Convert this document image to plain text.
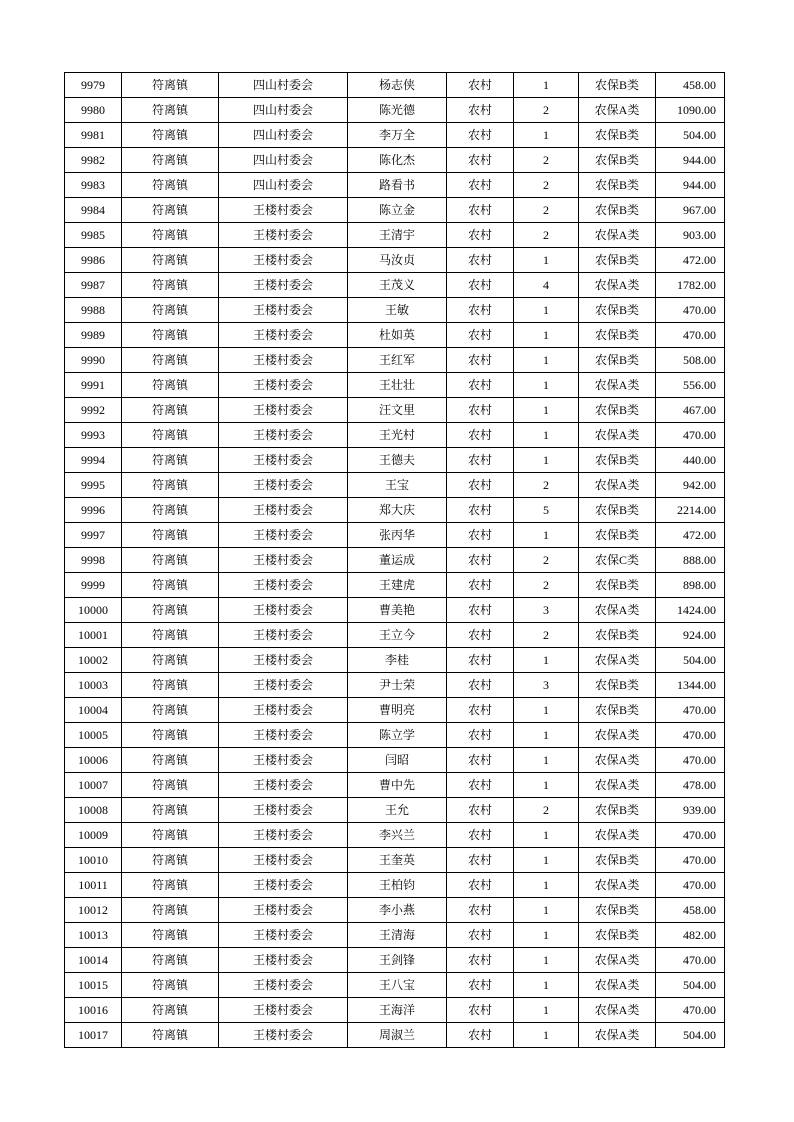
9979	符离镇	四山村委会	杨志侠	农村	1	农保B类	458.00
9980	符离镇	四山村委会	陈光德	农村	2	农保A类	1090.00
9981	符离镇	四山村委会	李万全	农村	1	农保B类	504.00
9982	符离镇	四山村委会	陈化杰	农村	2	农保B类	944.00
9983	符离镇	四山村委会	路看书	农村	2	农保B类	944.00
9984	符离镇	王楼村委会	陈立金	农村	2	农保B类	967.00
9985	符离镇	王楼村委会	王清宇	农村	2	农保A类	903.00
9986	符离镇	王楼村委会	马汝贞	农村	1	农保B类	472.00
9987	符离镇	王楼村委会	王茂义	农村	4	农保A类	1782.00
9988	符离镇	王楼村委会	王敏	农村	1	农保B类	470.00
9989	符离镇	王楼村委会	杜如英	农村	1	农保B类	470.00
9990	符离镇	王楼村委会	王红军	农村	1	农保B类	508.00
9991	符离镇	王楼村委会	王壮壮	农村	1	农保A类	556.00
9992	符离镇	王楼村委会	汪文里	农村	1	农保B类	467.00
9993	符离镇	王楼村委会	王光村	农村	1	农保A类	470.00
9994	符离镇	王楼村委会	王德夫	农村	1	农保B类	440.00
9995	符离镇	王楼村委会	王宝	农村	2	农保A类	942.00
9996	符离镇	王楼村委会	郑大庆	农村	5	农保B类	2214.00
9997	符离镇	王楼村委会	张丙华	农村	1	农保B类	472.00
9998	符离镇	王楼村委会	董运成	农村	2	农保C类	888.00
9999	符离镇	王楼村委会	王建虎	农村	2	农保B类	898.00
10000	符离镇	王楼村委会	曹美艳	农村	3	农保A类	1424.00
10001	符离镇	王楼村委会	王立今	农村	2	农保B类	924.00
10002	符离镇	王楼村委会	李桂	农村	1	农保A类	504.00
10003	符离镇	王楼村委会	尹士荣	农村	3	农保B类	1344.00
10004	符离镇	王楼村委会	曹明亮	农村	1	农保B类	470.00
10005	符离镇	王楼村委会	陈立学	农村	1	农保A类	470.00
10006	符离镇	王楼村委会	闫昭	农村	1	农保A类	470.00
10007	符离镇	王楼村委会	曹中先	农村	1	农保A类	478.00
10008	符离镇	王楼村委会	王允	农村	2	农保B类	939.00
10009	符离镇	王楼村委会	李兴兰	农村	1	农保A类	470.00
10010	符离镇	王楼村委会	王奎英	农村	1	农保B类	470.00
10011	符离镇	王楼村委会	王柏钧	农村	1	农保A类	470.00
10012	符离镇	王楼村委会	李小燕	农村	1	农保B类	458.00
10013	符离镇	王楼村委会	王清海	农村	1	农保B类	482.00
10014	符离镇	王楼村委会	王剑锋	农村	1	农保A类	470.00
10015	符离镇	王楼村委会	王八宝	农村	1	农保A类	504.00
10016	符离镇	王楼村委会	王海洋	农村	1	农保A类	470.00
10017	符离镇	王楼村委会	周淑兰	农村	1	农保A类	504.00
